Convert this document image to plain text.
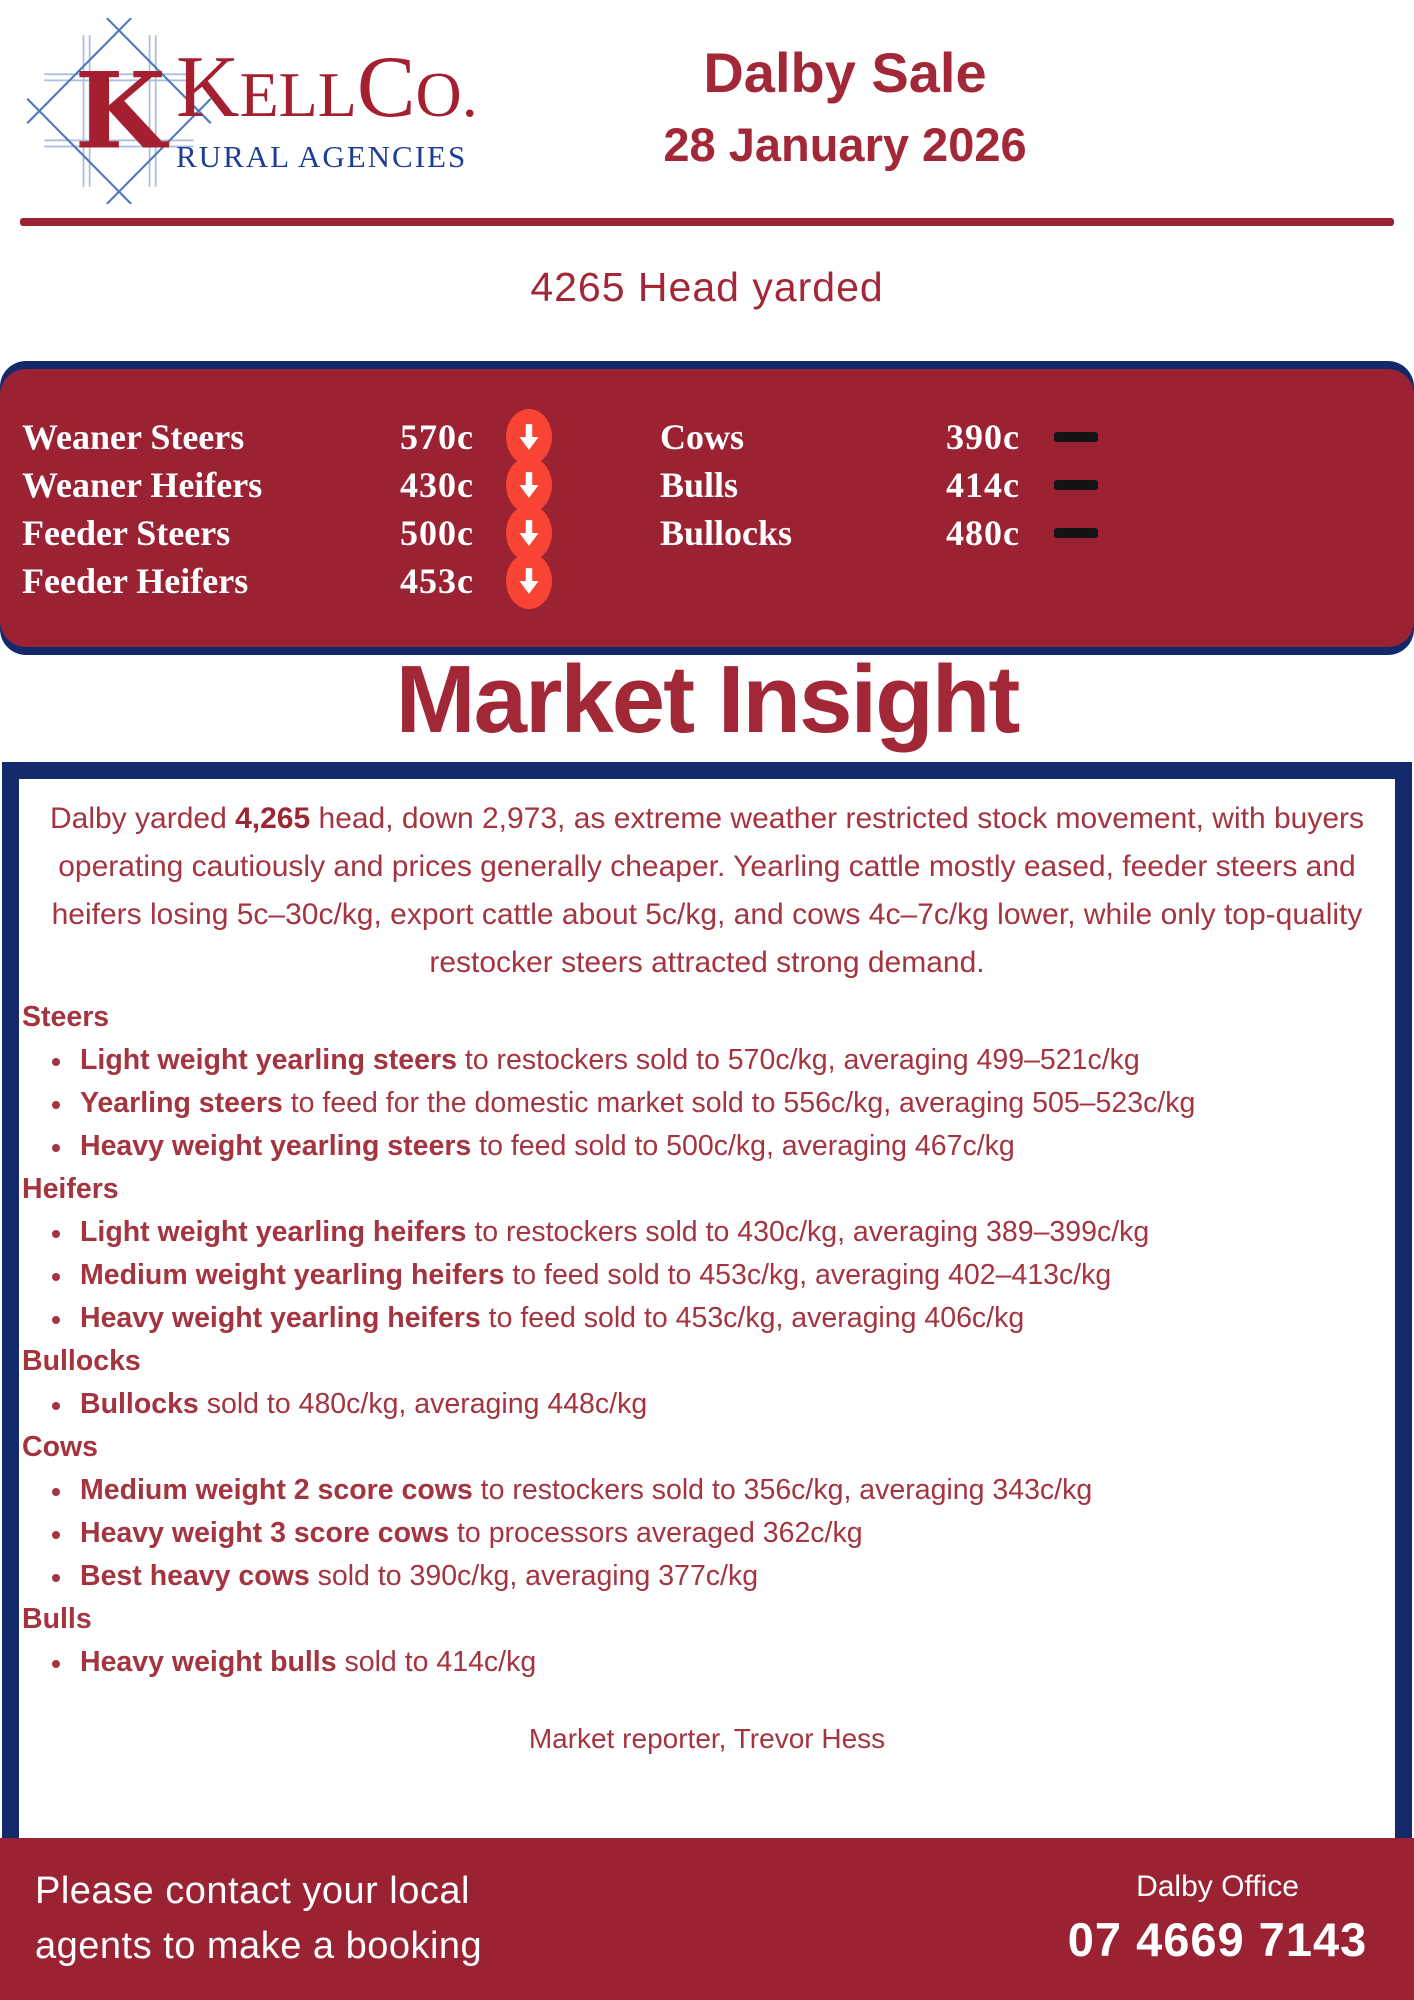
K KELLCO.
RURAL AGENCIES
Dalby Sale
28 January 2026
4265 Head yarded
Weaner Steers	570c
Weaner Heifers	430c
Feeder Steers	500c
Feeder Heifers	453c
Cows	390c
Bulls	414c
Bullocks	480c
Market Insight

Dalby yarded 4,265 head, down 2,973, as extreme weather restricted stock movement, with buyers operating cautiously and prices generally cheaper. Yearling cattle mostly eased, feeder steers and heifers losing 5c–30c/kg, export cattle about 5c/kg, and cows 4c–7c/kg lower, while only top-quality restocker steers attracted strong demand.

Steers
Light weight yearling steers to restockers sold to 570c/kg, averaging 499–521c/kg
Yearling steers to feed for the domestic market sold to 556c/kg, averaging 505–523c/kg
Heavy weight yearling steers to feed sold to 500c/kg, averaging 467c/kg
Heifers
Light weight yearling heifers to restockers sold to 430c/kg, averaging 389–399c/kg
Medium weight yearling heifers to feed sold to 453c/kg, averaging 402–413c/kg
Heavy weight yearling heifers to feed sold to 453c/kg, averaging 406c/kg
Bullocks
Bullocks sold to 480c/kg, averaging 448c/kg
Cows
Medium weight 2 score cows to restockers sold to 356c/kg, averaging 343c/kg
Heavy weight 3 score cows to processors averaged 362c/kg
Best heavy cows sold to 390c/kg, averaging 377c/kg
Bulls
Heavy weight bulls sold to 414c/kg
Market reporter, Trevor Hess
Please contact your local
agents to make a booking
Dalby Office
07 4669 7143
